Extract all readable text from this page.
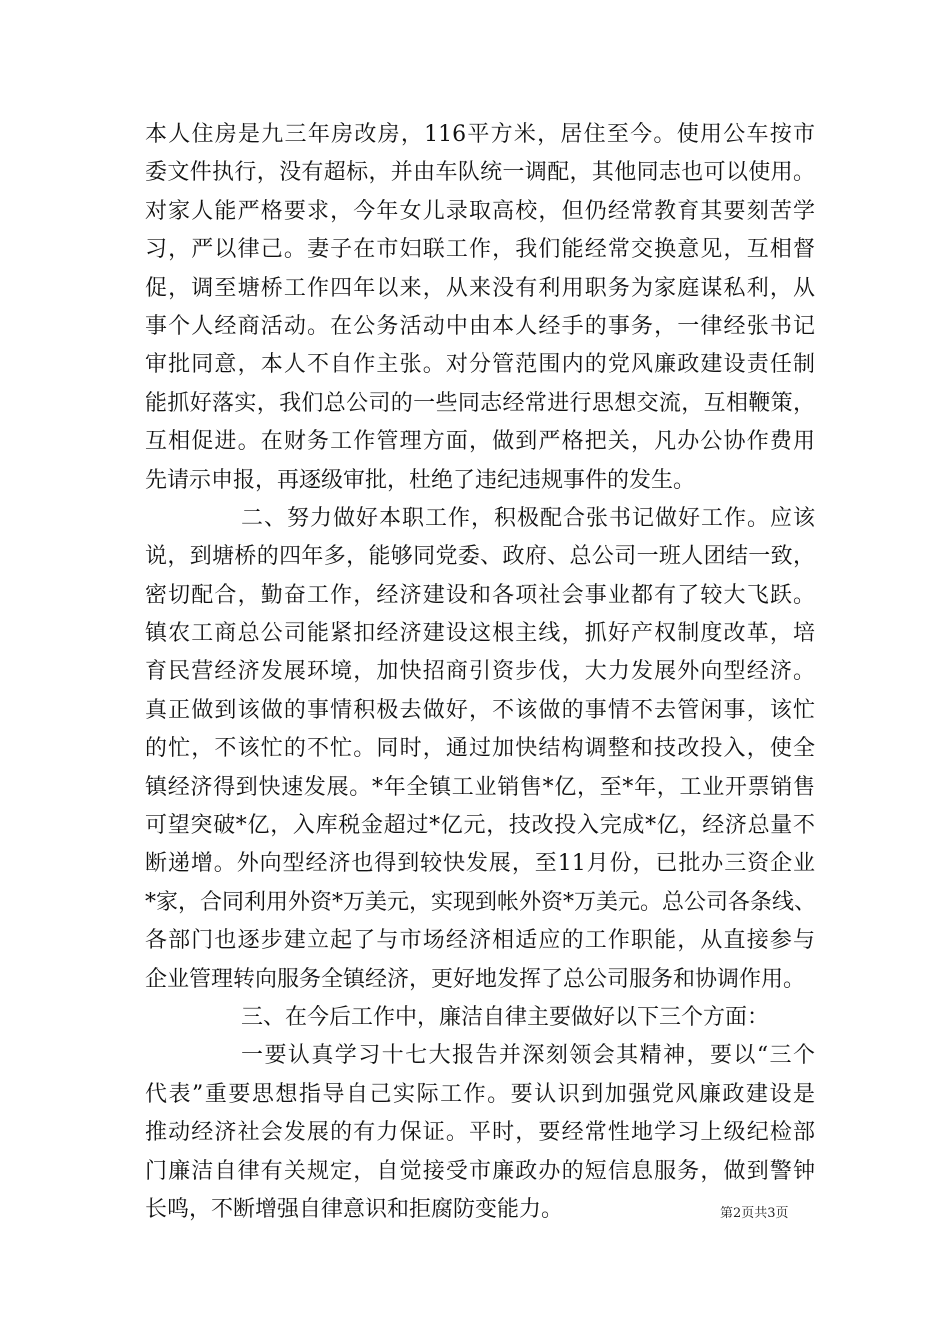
本人住房是九三年房改房，116平方米，居住至今。使用公车按市
委文件执行，没有超标，并由车队统一调配，其他同志也可以使用。
对家人能严格要求，今年女儿录取高校，但仍经常教育其要刻苦学
习，严以律己。妻子在市妇联工作，我们能经常交换意见，互相督
促，调至塘桥工作四年以来，从来没有利用职务为家庭谋私利，从
事个人经商活动。在公务活动中由本人经手的事务，一律经张书记
审批同意，本人不自作主张。对分管范围内的党风廉政建设责任制
能抓好落实，我们总公司的一些同志经常进行思想交流，互相鞭策，
互相促进。在财务工作管理方面，做到严格把关，凡办公协作费用
先请示申报，再逐级审批，杜绝了违纪违规事件的发生。
二、努力做好本职工作，积极配合张书记做好工作。应该
说，到塘桥的四年多，能够同党委、政府、总公司一班人团结一致，
密切配合，勤奋工作，经济建设和各项社会事业都有了较大飞跃。
镇农工商总公司能紧扣经济建设这根主线，抓好产权制度改革，培
育民营经济发展环境，加快招商引资步伐，大力发展外向型经济。
真正做到该做的事情积极去做好，不该做的事情不去管闲事，该忙
的忙，不该忙的不忙。同时，通过加快结构调整和技改投入，使全
镇经济得到快速发展。*年全镇工业销售*亿，至*年，工业开票销售
可望突破*亿，入库税金超过*亿元，技改投入完成*亿，经济总量不
断递增。外向型经济也得到较快发展，至11月份，已批办三资企业
*家，合同利用外资*万美元，实现到帐外资*万美元。总公司各条线、
各部门也逐步建立起了与市场经济相适应的工作职能，从直接参与
企业管理转向服务全镇经济，更好地发挥了总公司服务和协调作用。
三、在今后工作中，廉洁自律主要做好以下三个方面：
一要认真学习十七大报告并深刻领会其精神，要以“三个
代表”重要思想指导自己实际工作。要认识到加强党风廉政建设是
推动经济社会发展的有力保证。平时，要经常性地学习上级纪检部
门廉洁自律有关规定，自觉接受市廉政办的短信息服务，做到警钟
长鸣，不断增强自律意识和拒腐防变能力。	第2页共3页
